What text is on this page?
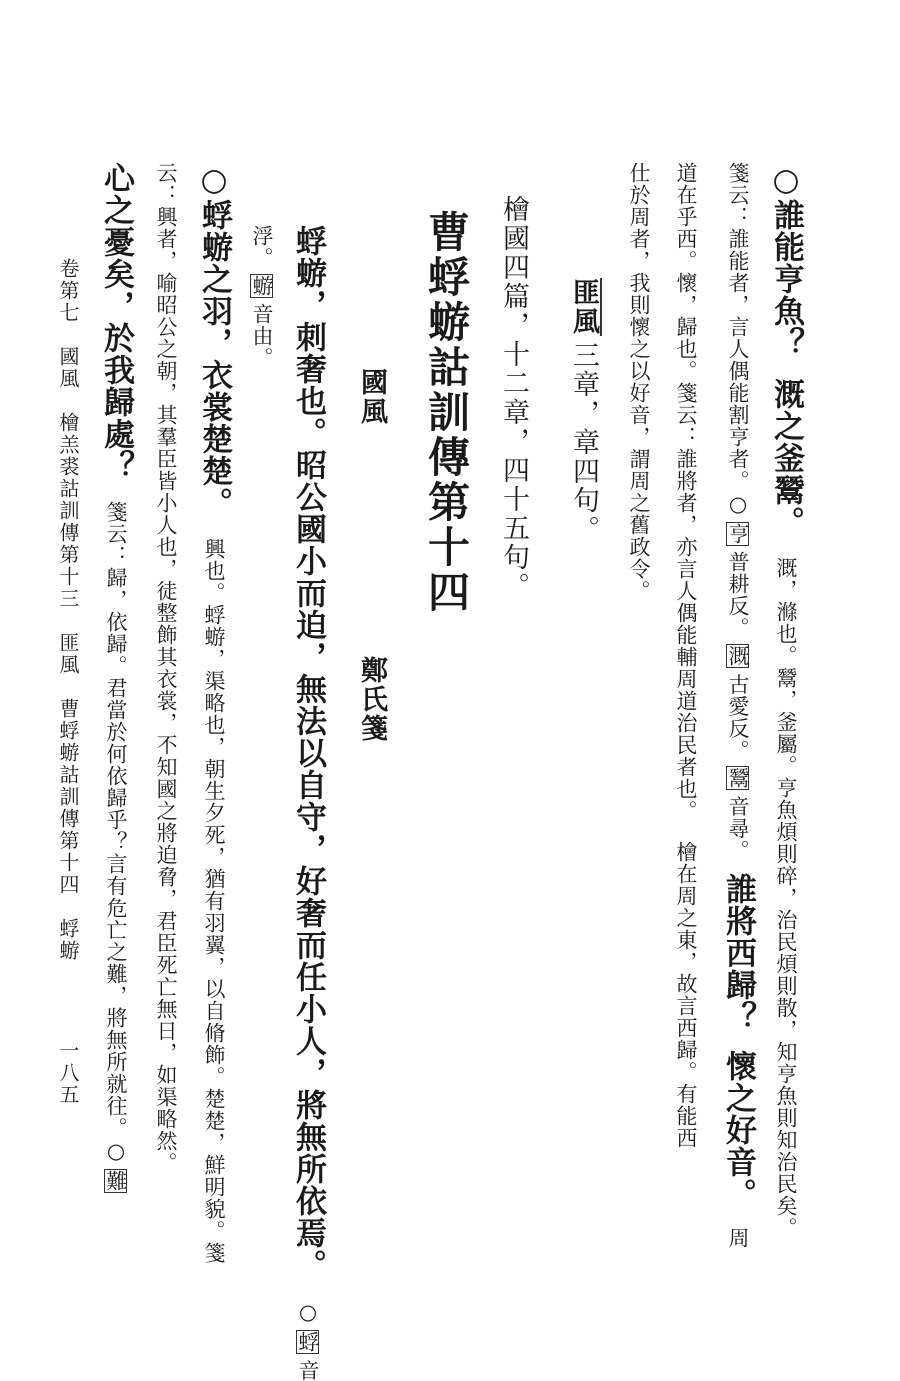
○誰能亨魚？ 溉之釜鬵。 溉，滌也。鬵，釜屬。亨魚煩則碎，治民煩則散，知亨魚則知治民矣。
箋云：誰能者，言人偶能割亨者。○ 亨 普耕反。 溉 古愛反。 鬵 音尋。 誰將西歸？ 懷之好音。 周
道在乎西。懷，歸也。箋云：誰將者，亦言人偶能輔周道治民者也。 檜在周之東，故言西歸。有能西
仕於周者，我則懷之以好音，謂周之舊政令。
匪風 三章，章四句。
檜國四篇，十二章，四十五句。
曹蜉蝣詁訓傳第十四
國風 鄭氏箋
蜉蝣，刺奢也。昭公國小而迫，無法以自守，好奢而任小人，將無所依焉。 ○ 蜉 音
浮。 蝣 音由。
○蜉蝣之羽，衣裳楚楚。 興也。蜉蝣，渠略也，朝生夕死，猶有羽翼，以自脩飾。楚楚，鮮明貌。箋
云：興者，喻昭公之朝，其羣臣皆小人也，徒整飾其衣裳，不知國之將迫脅，君臣死亡無日，如渠略然。
心之憂矣，於我歸處？ 箋云：歸，依歸。君當於何依歸乎？言有危亡之難，將無所就往。○ 難
卷第七　國風　檜羔裘詁訓傳第十三　匪風　曹蜉蝣詁訓傳第十四　蜉蝣
一八五
